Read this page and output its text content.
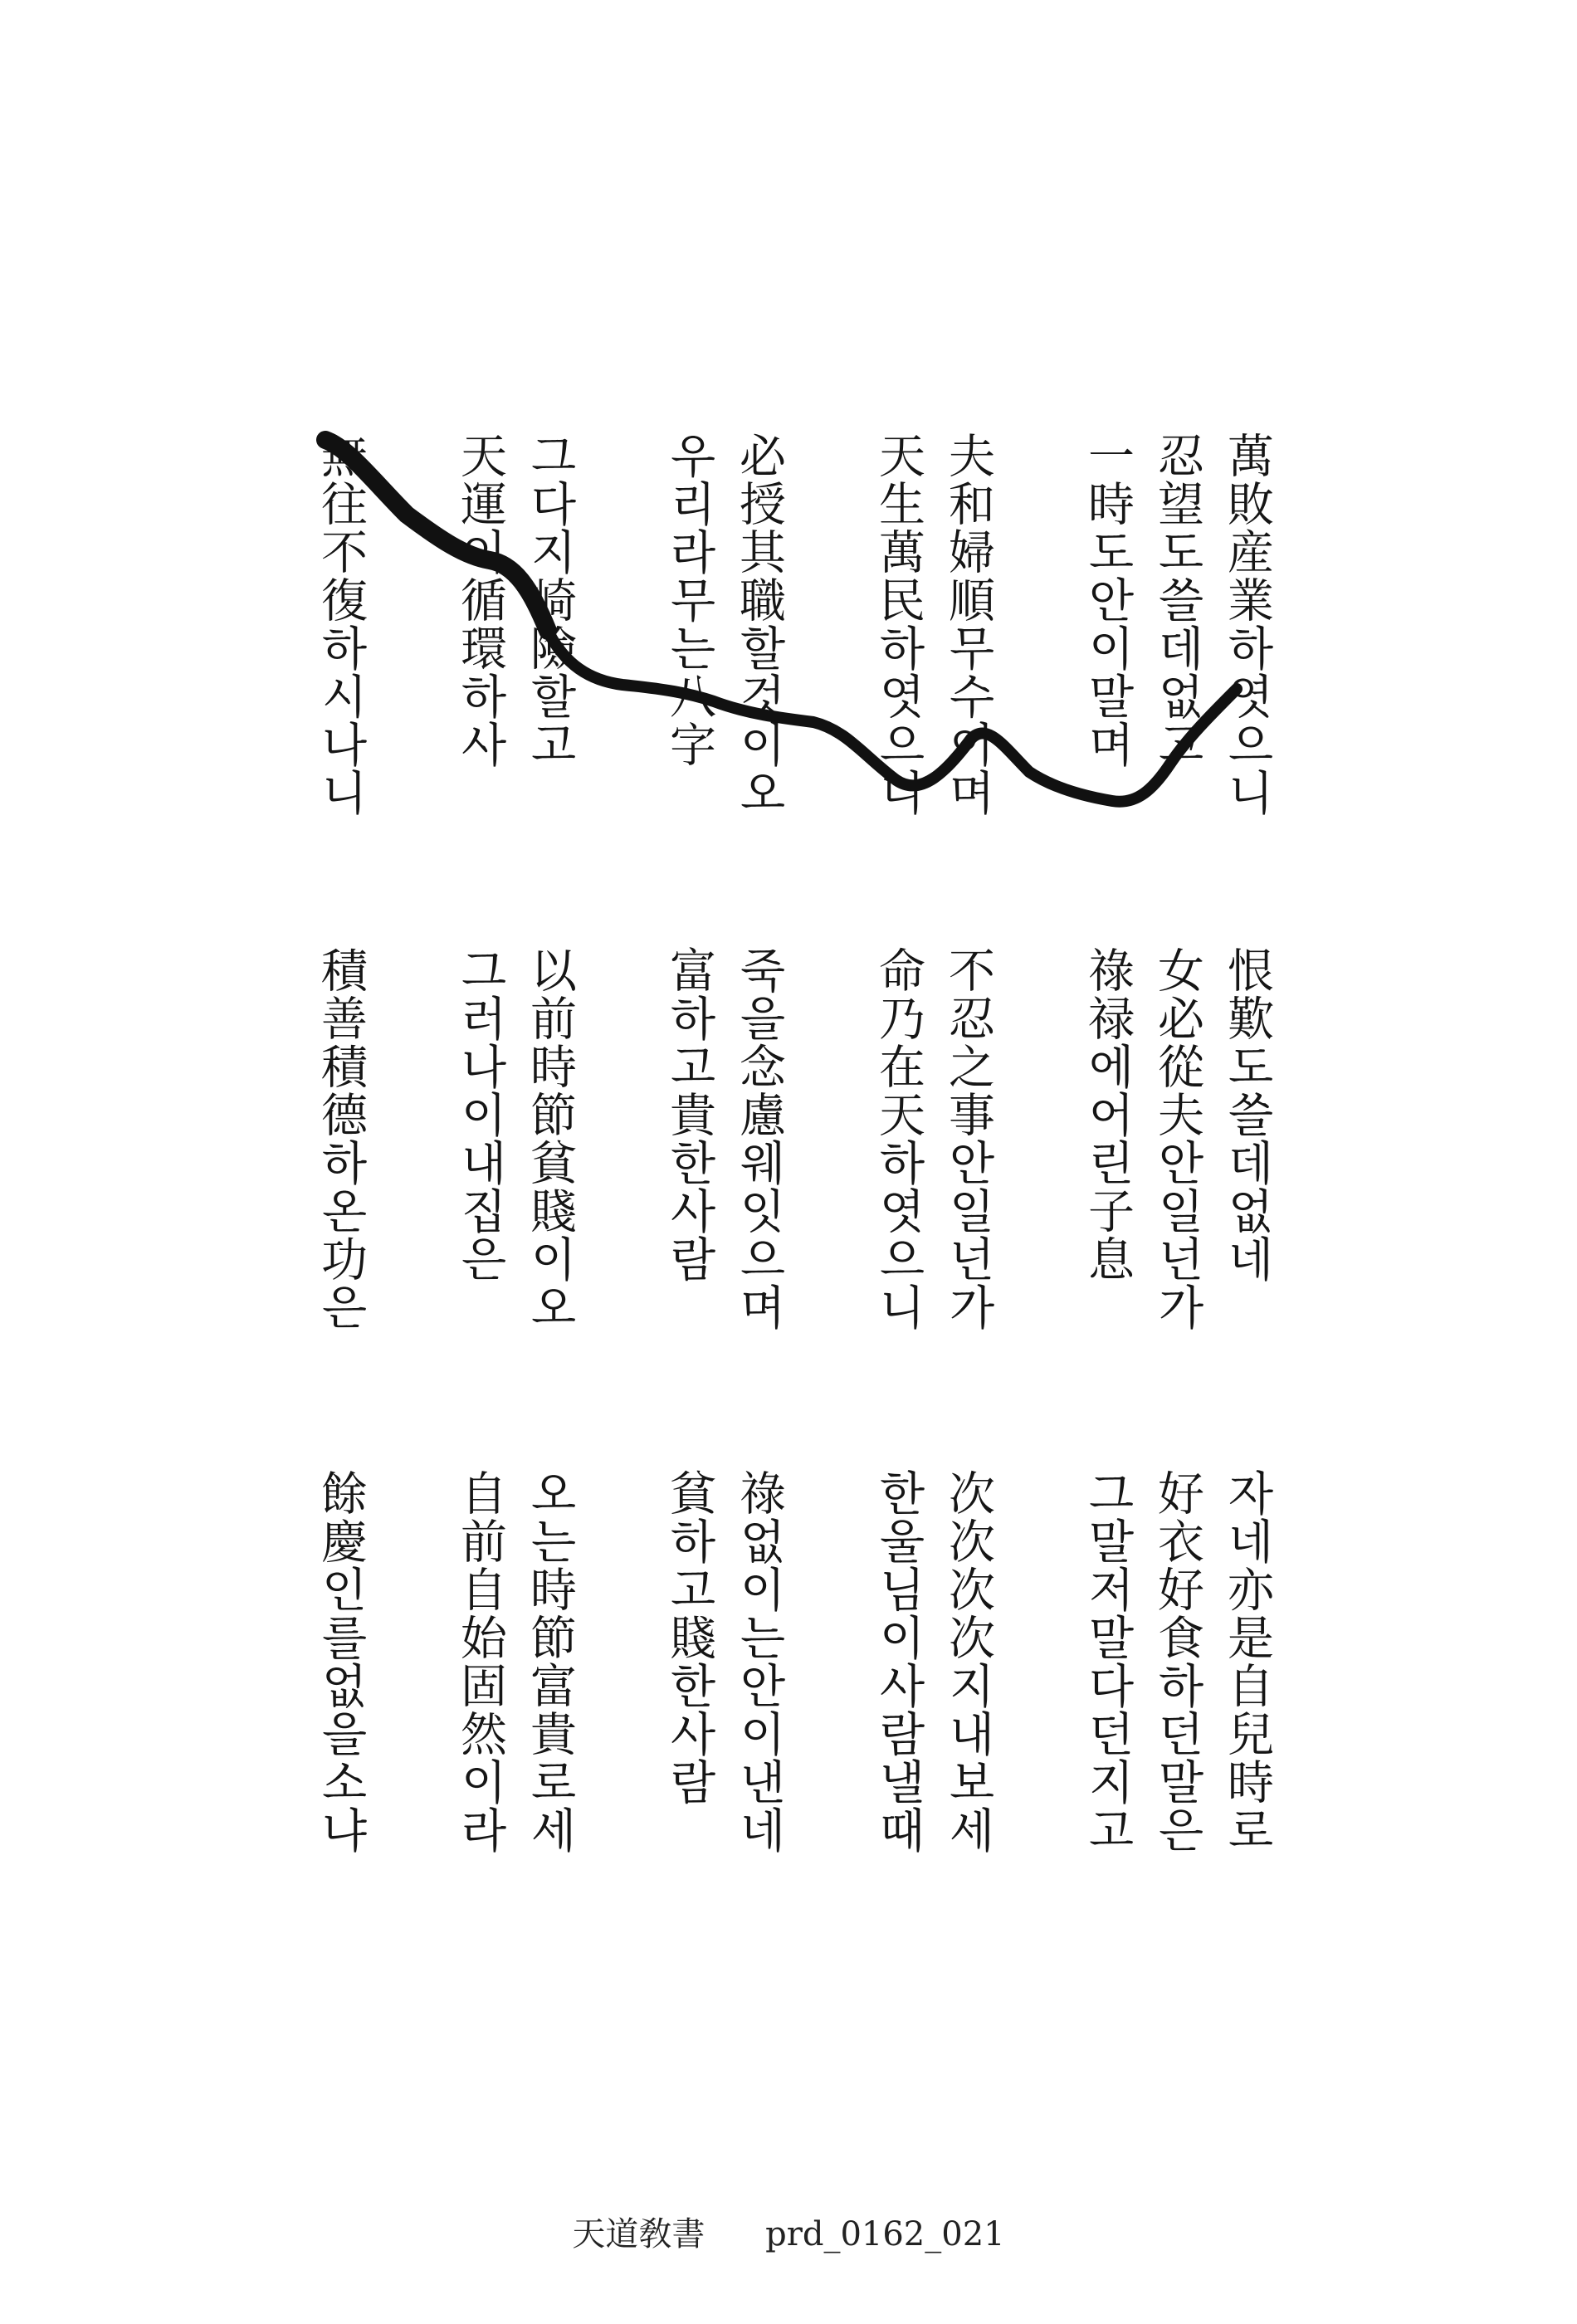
萬敗産業하엿으니
忍望도쓸데없고
一時도안이말며
夫和婦順무수이며
天生萬民하엿으니
必授其職할것이오
우리라무는八字
그다지崎險할고
天運이循環하사
無往不復하시나니
恨歎도쓸데없네
女必從夫안일넌가
祿禄에어린子息
不忍之事안일넌가
命乃在天하엿으니
죽을念慮웨잇으며
富하고貴한사람
以前時節貧賤이오
그러나이내집은
積善積德하온功은
자네亦是自兒時로
好衣好食하던말은
그말저말다던지고
次次次次지내보세
한울님이사람낼때
祿없이는안이낸네
貧하고賤한사람
오는時節富貴로세
自前自始固然이라
餘慶인를없을소냐
天道敎書 prd_0162_021
